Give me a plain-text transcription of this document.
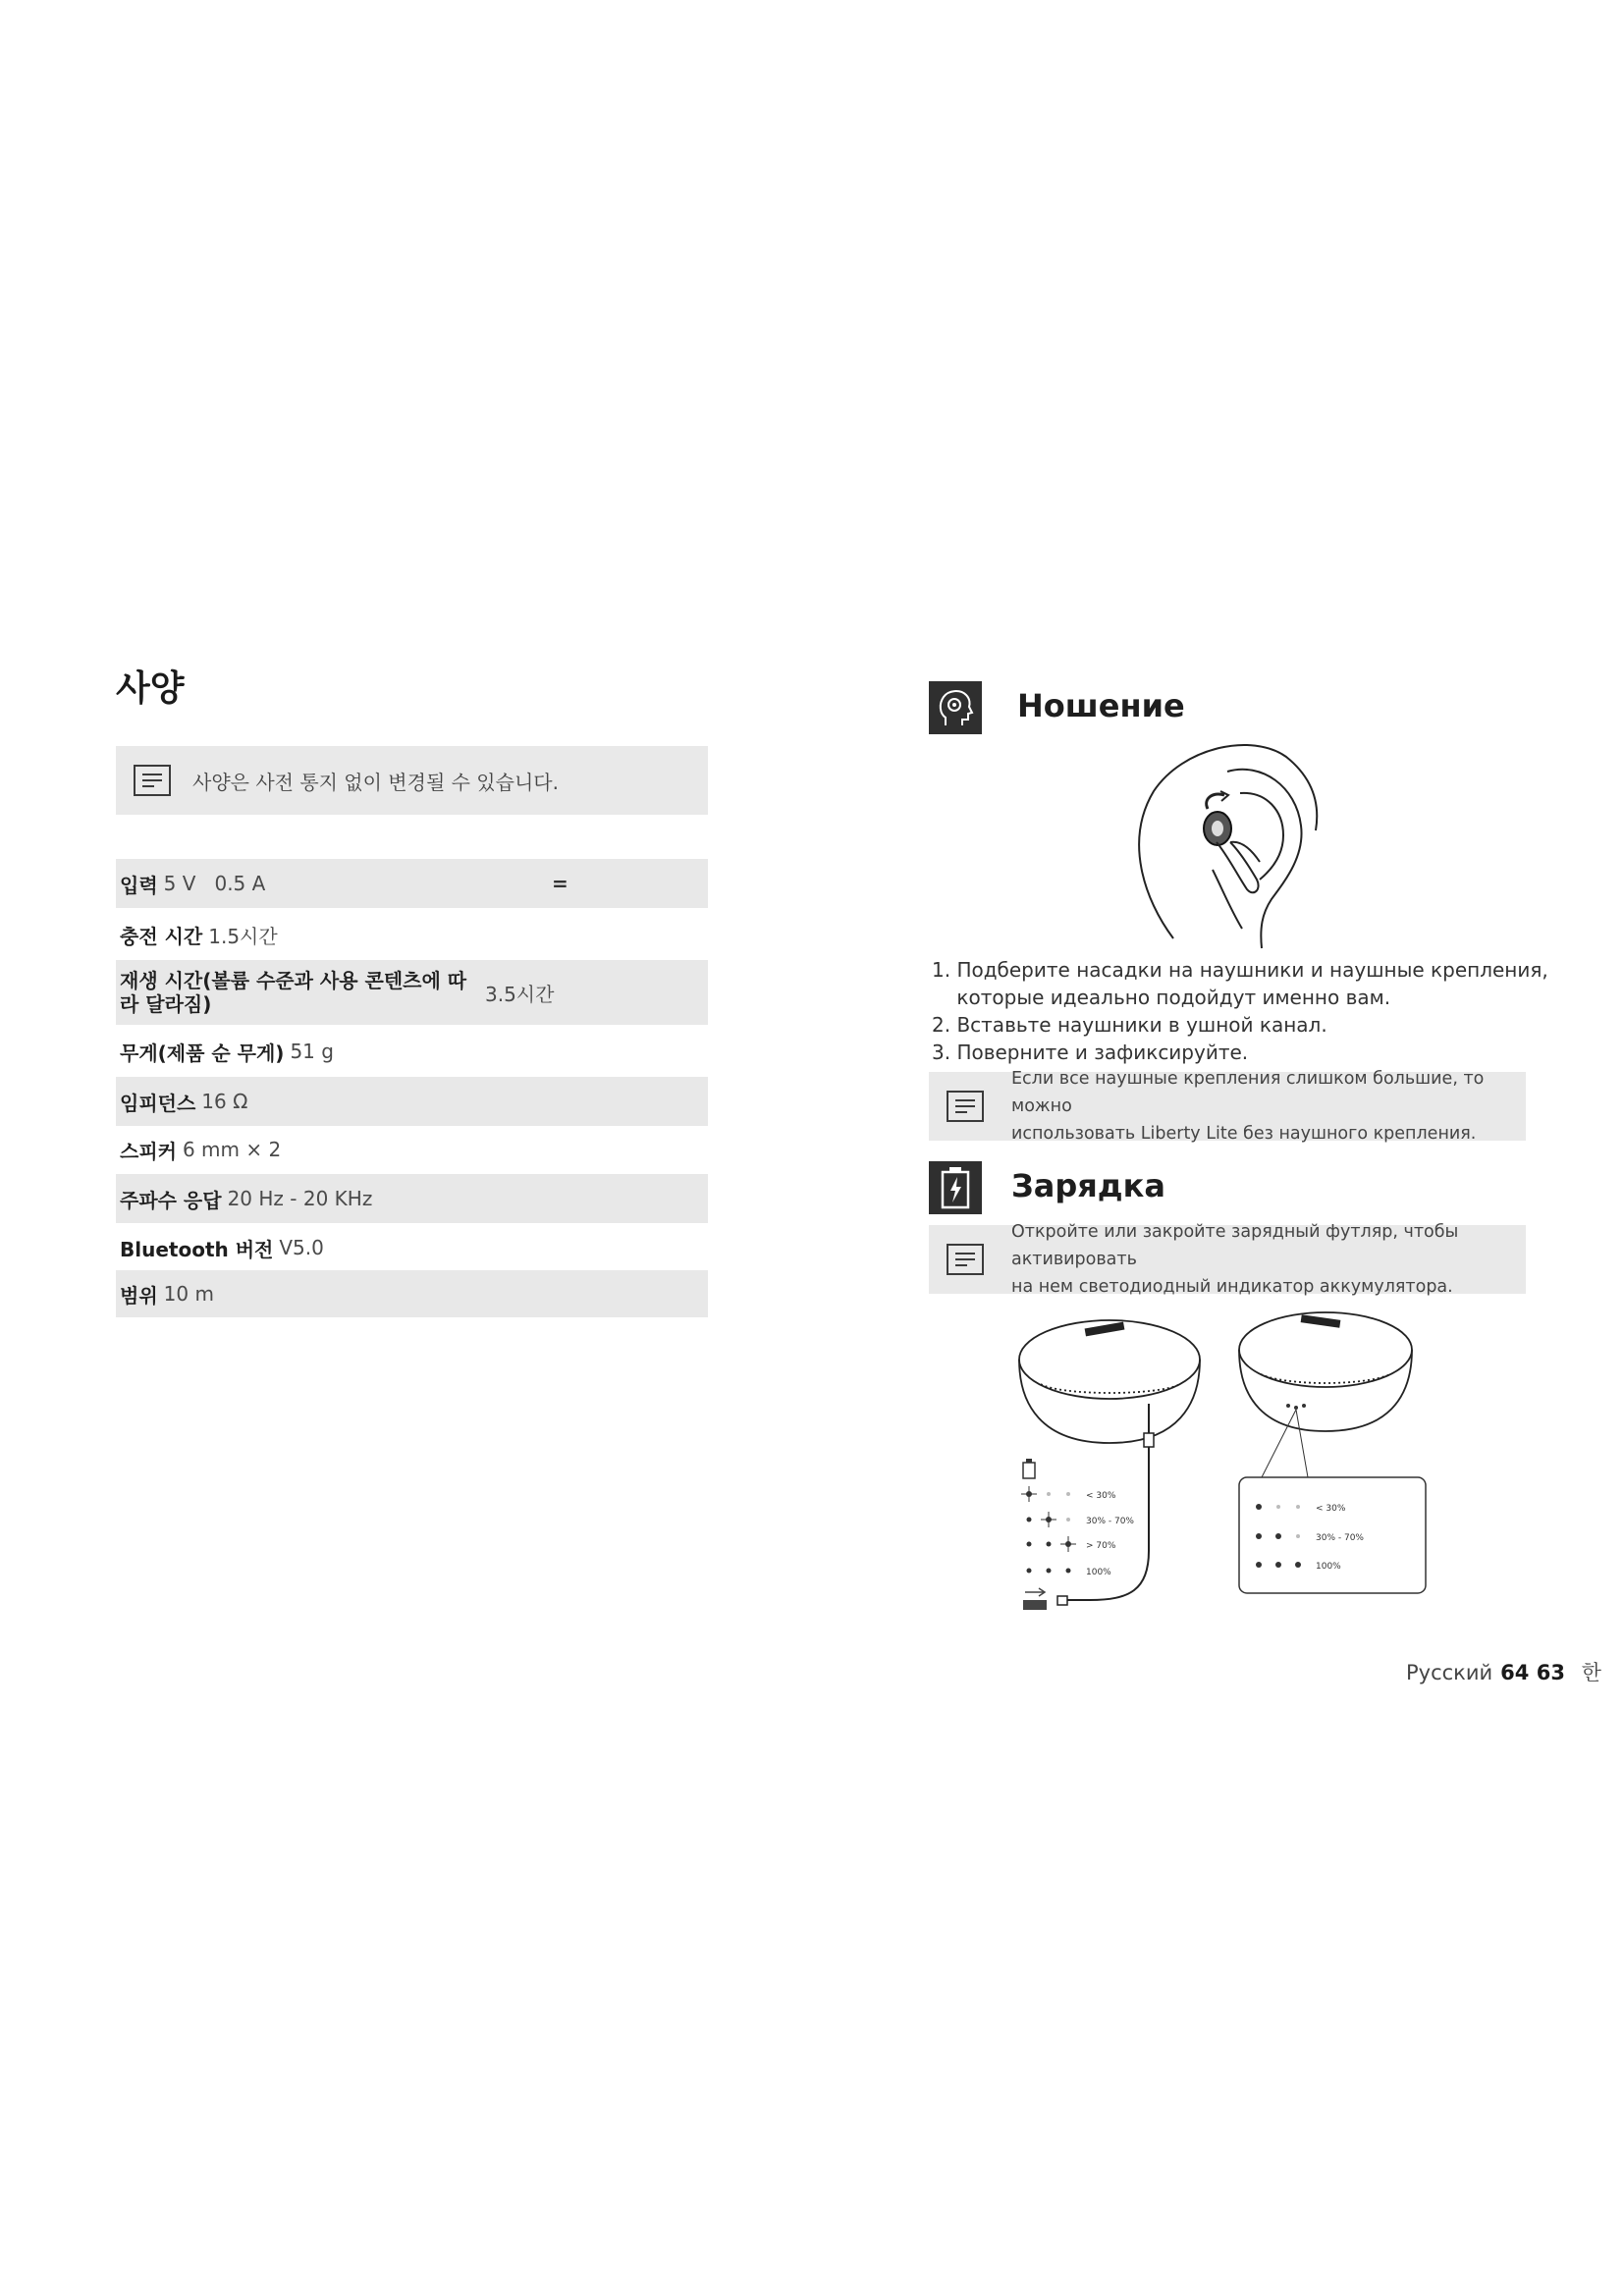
사양
사양은 사전 통지 없이 변경될 수 있습니다.
입력 5 V   0.5 A	=
충전 시간 1.5시간
재생 시간(볼륨 수준과 사용 콘텐츠에 따라 달라짐)	3.5시간
무게(제품 순 무게) 51 g
임피던스 16 Ω
스피커 6 mm × 2
주파수 응답 20 Hz - 20 KHz
Bluetooth 버전 V5.0
범위 10 m
Ношение
1. Подберите насадки на наушники и наушные крепления,
которые идеально подойдут именно вам.
2. Вставьте наушники в ушной канал.
3. Поверните и зафиксируйте.
Если все наушные крепления слишком большие, то можно
использовать Liberty Lite без наушного крепления.
Зарядка
Откройте или закройте зарядный футляр, чтобы активировать
на нем светодиодный индикатор аккумулятора.
< 30%
30% - 70%
> 70%
100%
< 30%
30% - 70%
100%
Русский 64 63 한
